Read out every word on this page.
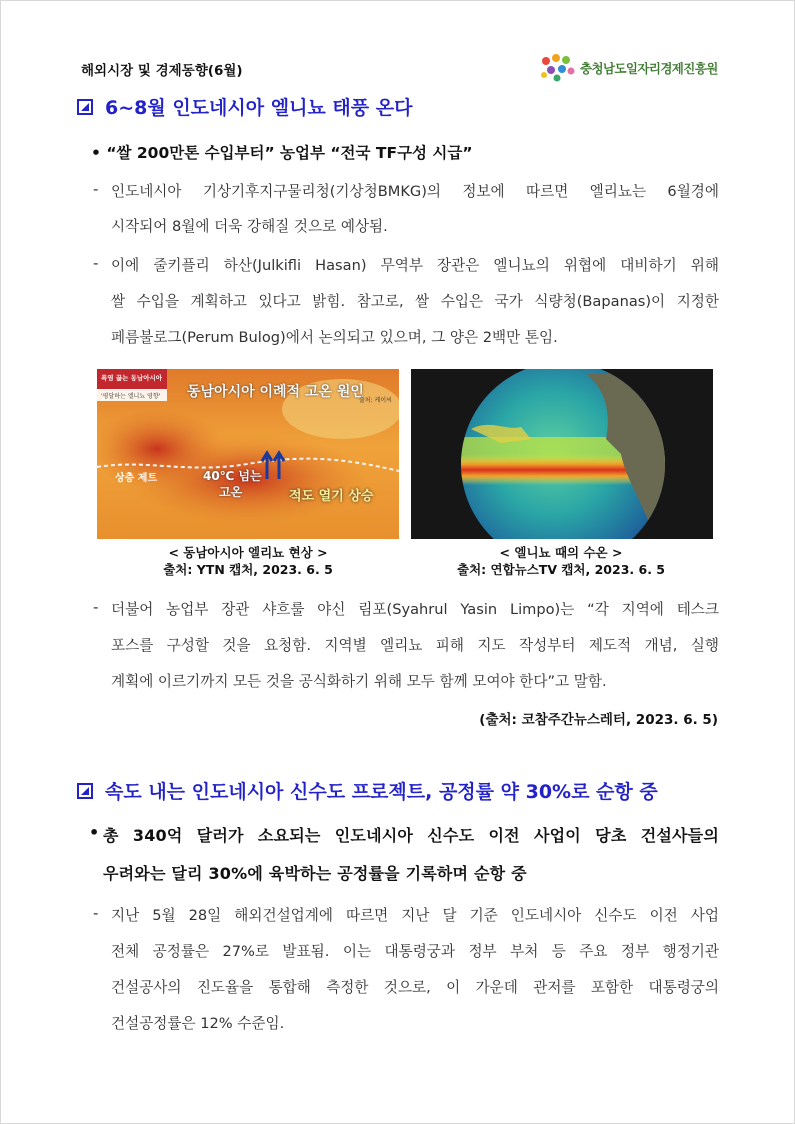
해외시장 및 경제동향(6월)	충청남도일자리경제진흥원
6~8월 인도네시아 엘니뇨 태풍 온다
• “쌀 200만톤 수입부터” 농업부 “전국 TF구성 시급”
- 인도네시아 기상기후지구물리청(기상청BMKG)의 정보에 따르면 엘리뇨는 6월경에
시작되어 8월에 더욱 강해질 것으로 예상됨.
- 이에 줄키플리 하산(Julkifli Hasan) 무역부 장관은 엘니뇨의 위협에 대비하기 위해
쌀 수입을 계획하고 있다고 밝힘. 참고로, 쌀 수입은 국가 식량청(Bapanas)이 지정한
페름불로그(Perum Bulog)에서 논의되고 있으며, 그 양은 2백만 톤임.
폭염 끓는 동남아시아
'평달하는 엘니뇨 영향' 동남아시아 이례적 고온 원인
출처: 케이씨
상층 제트	40℃ 넘는
고온	적도 열기 상승
< 동남아시아 엘리뇨 현상 >
출처: YTN 캡처, 2023. 6. 5
< 엘니뇨 때의 수온 >
출처: 연합뉴스TV 캡처, 2023. 6. 5
- 더불어 농업부 장관 샤흐룰 야신 림포(Syahrul Yasin Limpo)는 “각 지역에 테스크
포스를 구성할 것을 요청함. 지역별 엘리뇨 피해 지도 작성부터 제도적 개념, 실행
계획에 이르기까지 모든 것을 공식화하기 위해 모두 함께 모여야 한다”고 말함.
(출처: 코참주간뉴스레터, 2023. 6. 5)
속도 내는 인도네시아 신수도 프로젝트, 공정률 약 30%로 순항 중
• 총 340억 달러가 소요되는 인도네시아 신수도 이전 사업이 당초 건설사들의
우려와는 달리 30%에 육박하는 공정률을 기록하며 순항 중
- 지난 5월 28일 해외건설업계에 따르면 지난 달 기준 인도네시아 신수도 이전 사업
전체 공정률은 27%로 발표됨. 이는 대통령궁과 정부 부처 등 주요 정부 행정기관
건설공사의 진도율을 통합해 측정한 것으로, 이 가운데 관저를 포함한 대통령궁의
건설공정률은 12% 수준임.
